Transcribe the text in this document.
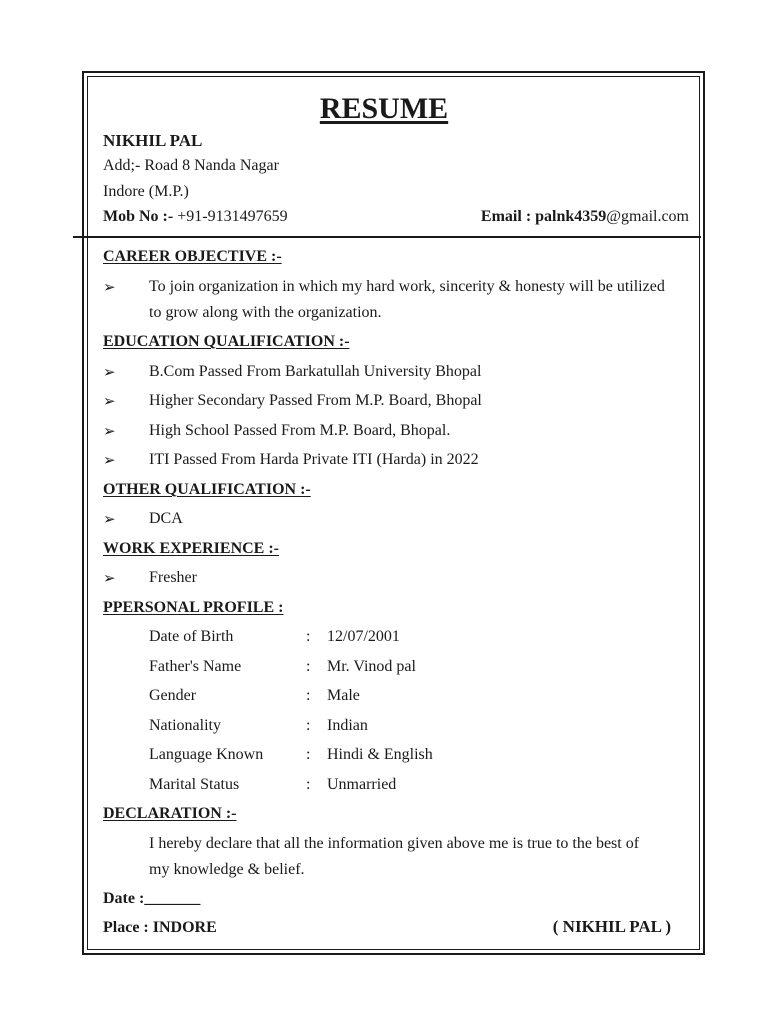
RESUME
NIKHIL PAL
Add;- Road 8 Nanda Nagar
Indore (M.P.)
Mob No :- +91-9131497659	Email : palnk4359@gmail.com
CAREER OBJECTIVE :-
➢ To join organization in which my hard work, sincerity & honesty will be utilized
to grow along with the organization.
EDUCATION QUALIFICATION :-
➢ B.Com Passed From Barkatullah University Bhopal
➢ Higher Secondary Passed From M.P. Board, Bhopal
➢ High School Passed From M.P. Board, Bhopal.
➢ ITI Passed From Harda Private ITI (Harda) in 2022
OTHER QUALIFICATION :-
➢ DCA
WORK EXPERIENCE :-
➢ Fresher
PPERSONAL PROFILE :
Date of Birth	: 12/07/2001
Father's Name	: Mr. Vinod pal
Gender	: Male
Nationality	: Indian
Language Known	: Hindi & English
Marital Status	: Unmarried
DECLARATION :-
I hereby declare that all the information given above me is true to the best of
my knowledge & belief.
Date :_______
Place : INDORE	( NIKHIL PAL )
